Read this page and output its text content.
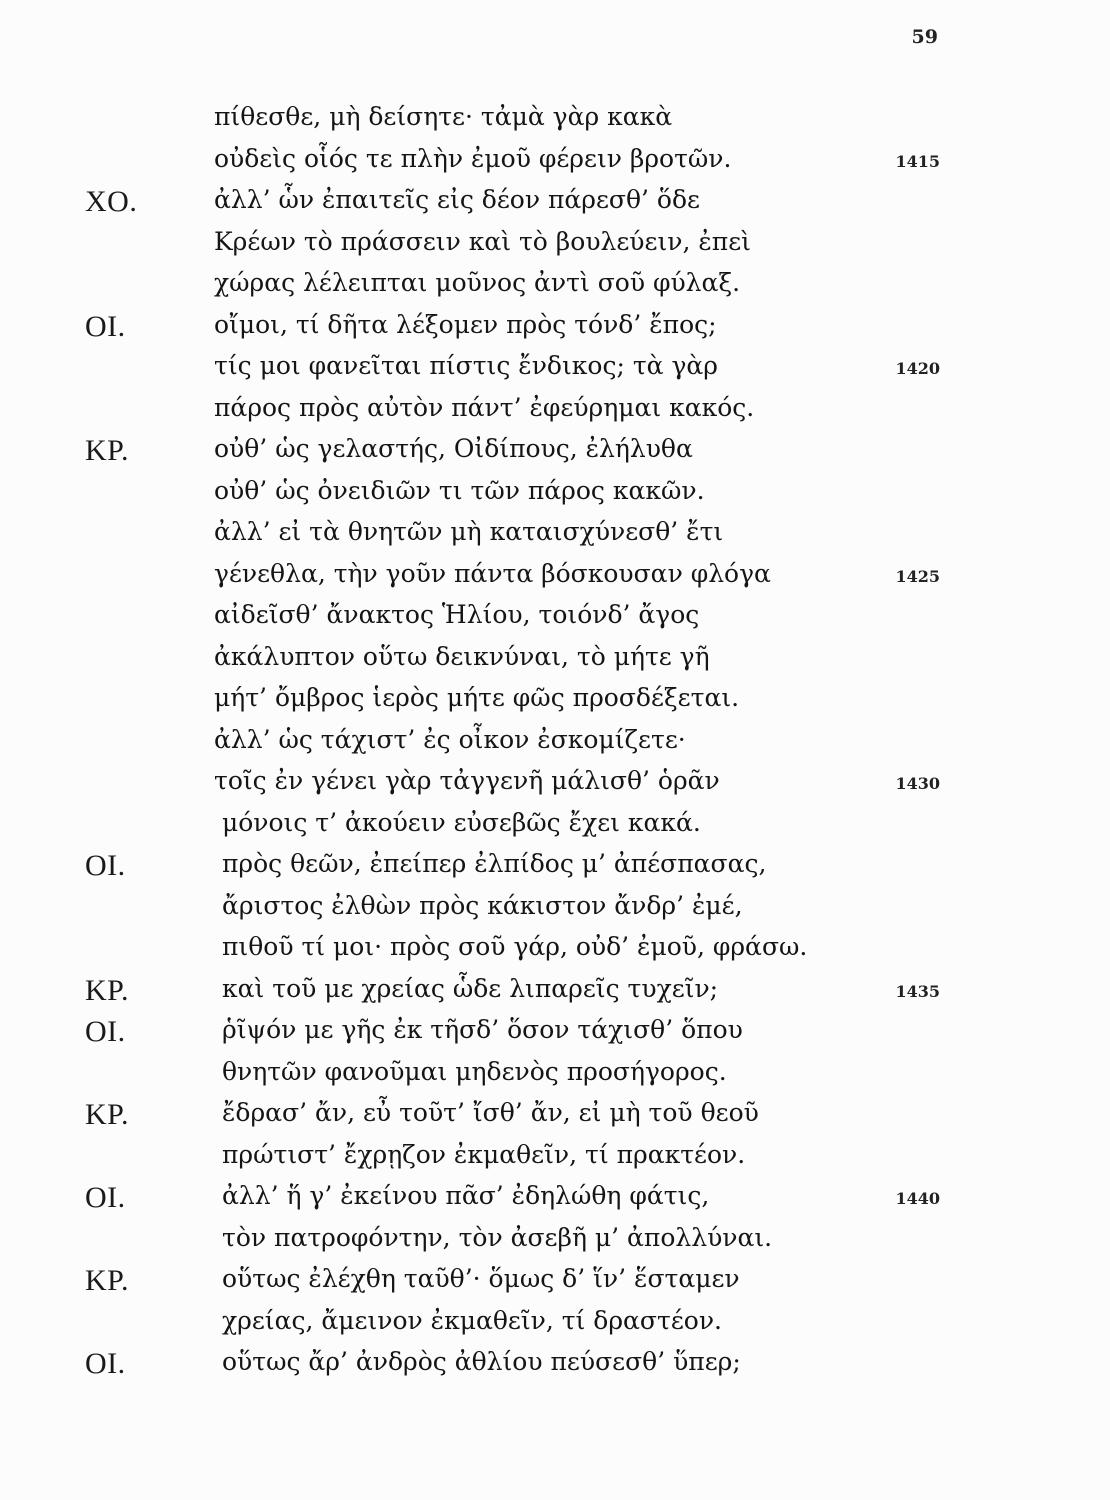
59
πίθεσθε, μὴ δείσητε· τἀμὰ γὰρ κακὰ
οὐδεὶς οἷός τε πλὴν ἐμοῦ φέρειν βροτῶν.	1415
ΧΟ.	ἀλλ’ ὧν ἐπαιτεῖς εἰς δέον πάρεσθ’ ὅδε
Κρέων τὸ πράσσειν καὶ τὸ βουλεύειν, ἐπεὶ
χώρας λέλειπται μοῦνος ἀντὶ σοῦ φύλαξ.
ΟΙ.	οἴμοι, τί δῆτα λέξομεν πρὸς τόνδ’ ἔπος;
τίς μοι φανεῖται πίστις ἔνδικος; τὰ γὰρ	1420
πάρος πρὸς αὐτὸν πάντ’ ἐφεύρημαι κακός.
ΚΡ.	οὐθ’ ὡς γελαστής, Οἰδίπους, ἐλήλυθα
οὐθ’ ὡς ὀνειδιῶν τι τῶν πάρος κακῶν.
ἀλλ’ εἰ τὰ θνητῶν μὴ καταισχύνεσθ’ ἔτι
γένεθλα, τὴν γοῦν πάντα βόσκουσαν φλόγα	1425
αἰδεῖσθ’ ἄνακτος Ἡλίου, τοιόνδ’ ἄγος
ἀκάλυπτον οὕτω δεικνύναι, τὸ μήτε γῆ
μήτ’ ὄμβρος ἱερὸς μήτε φῶς προσδέξεται.
ἀλλ’ ὡς τάχιστ’ ἐς οἶκον ἐσκομίζετε·
τοῖς ἐν γένει γὰρ τἀγγενῆ μάλισθ’ ὁρᾶν	1430
μόνοις τ’ ἀκούειν εὐσεβῶς ἔχει κακά.
ΟΙ.	πρὸς θεῶν, ἐπείπερ ἐλπίδος μ’ ἀπέσπασας,
ἄριστος ἐλθὼν πρὸς κάκιστον ἄνδρ’ ἐμέ,
πιθοῦ τί μοι· πρὸς σοῦ γάρ, οὐδ’ ἐμοῦ, φράσω.
ΚΡ.	καὶ τοῦ με χρείας ὧδε λιπαρεῖς τυχεῖν;	1435
ΟΙ.	ῥῖψόν με γῆς ἐκ τῆσδ’ ὅσον τάχισθ’ ὅπου
θνητῶν φανοῦμαι μηδενὸς προσήγορος.
ΚΡ.	ἔδρασ’ ἄν, εὖ τοῦτ’ ἴσθ’ ἄν, εἰ μὴ τοῦ θεοῦ
πρώτιστ’ ἔχρῃζον ἐκμαθεῖν, τί πρακτέον.
ΟΙ.	ἀλλ’ ἥ γ’ ἐκείνου πᾶσ’ ἐδηλώθη φάτις,	1440
τὸν πατροφόντην, τὸν ἀσεβῆ μ’ ἀπολλύναι.
ΚΡ.	οὕτως ἐλέχθη ταῦθ’· ὅμως δ’ ἵν’ ἕσταμεν
χρείας, ἄμεινον ἐκμαθεῖν, τί δραστέον.
ΟΙ.	οὕτως ἄρ’ ἀνδρὸς ἀθλίου πεύσεσθ’ ὕπερ;
